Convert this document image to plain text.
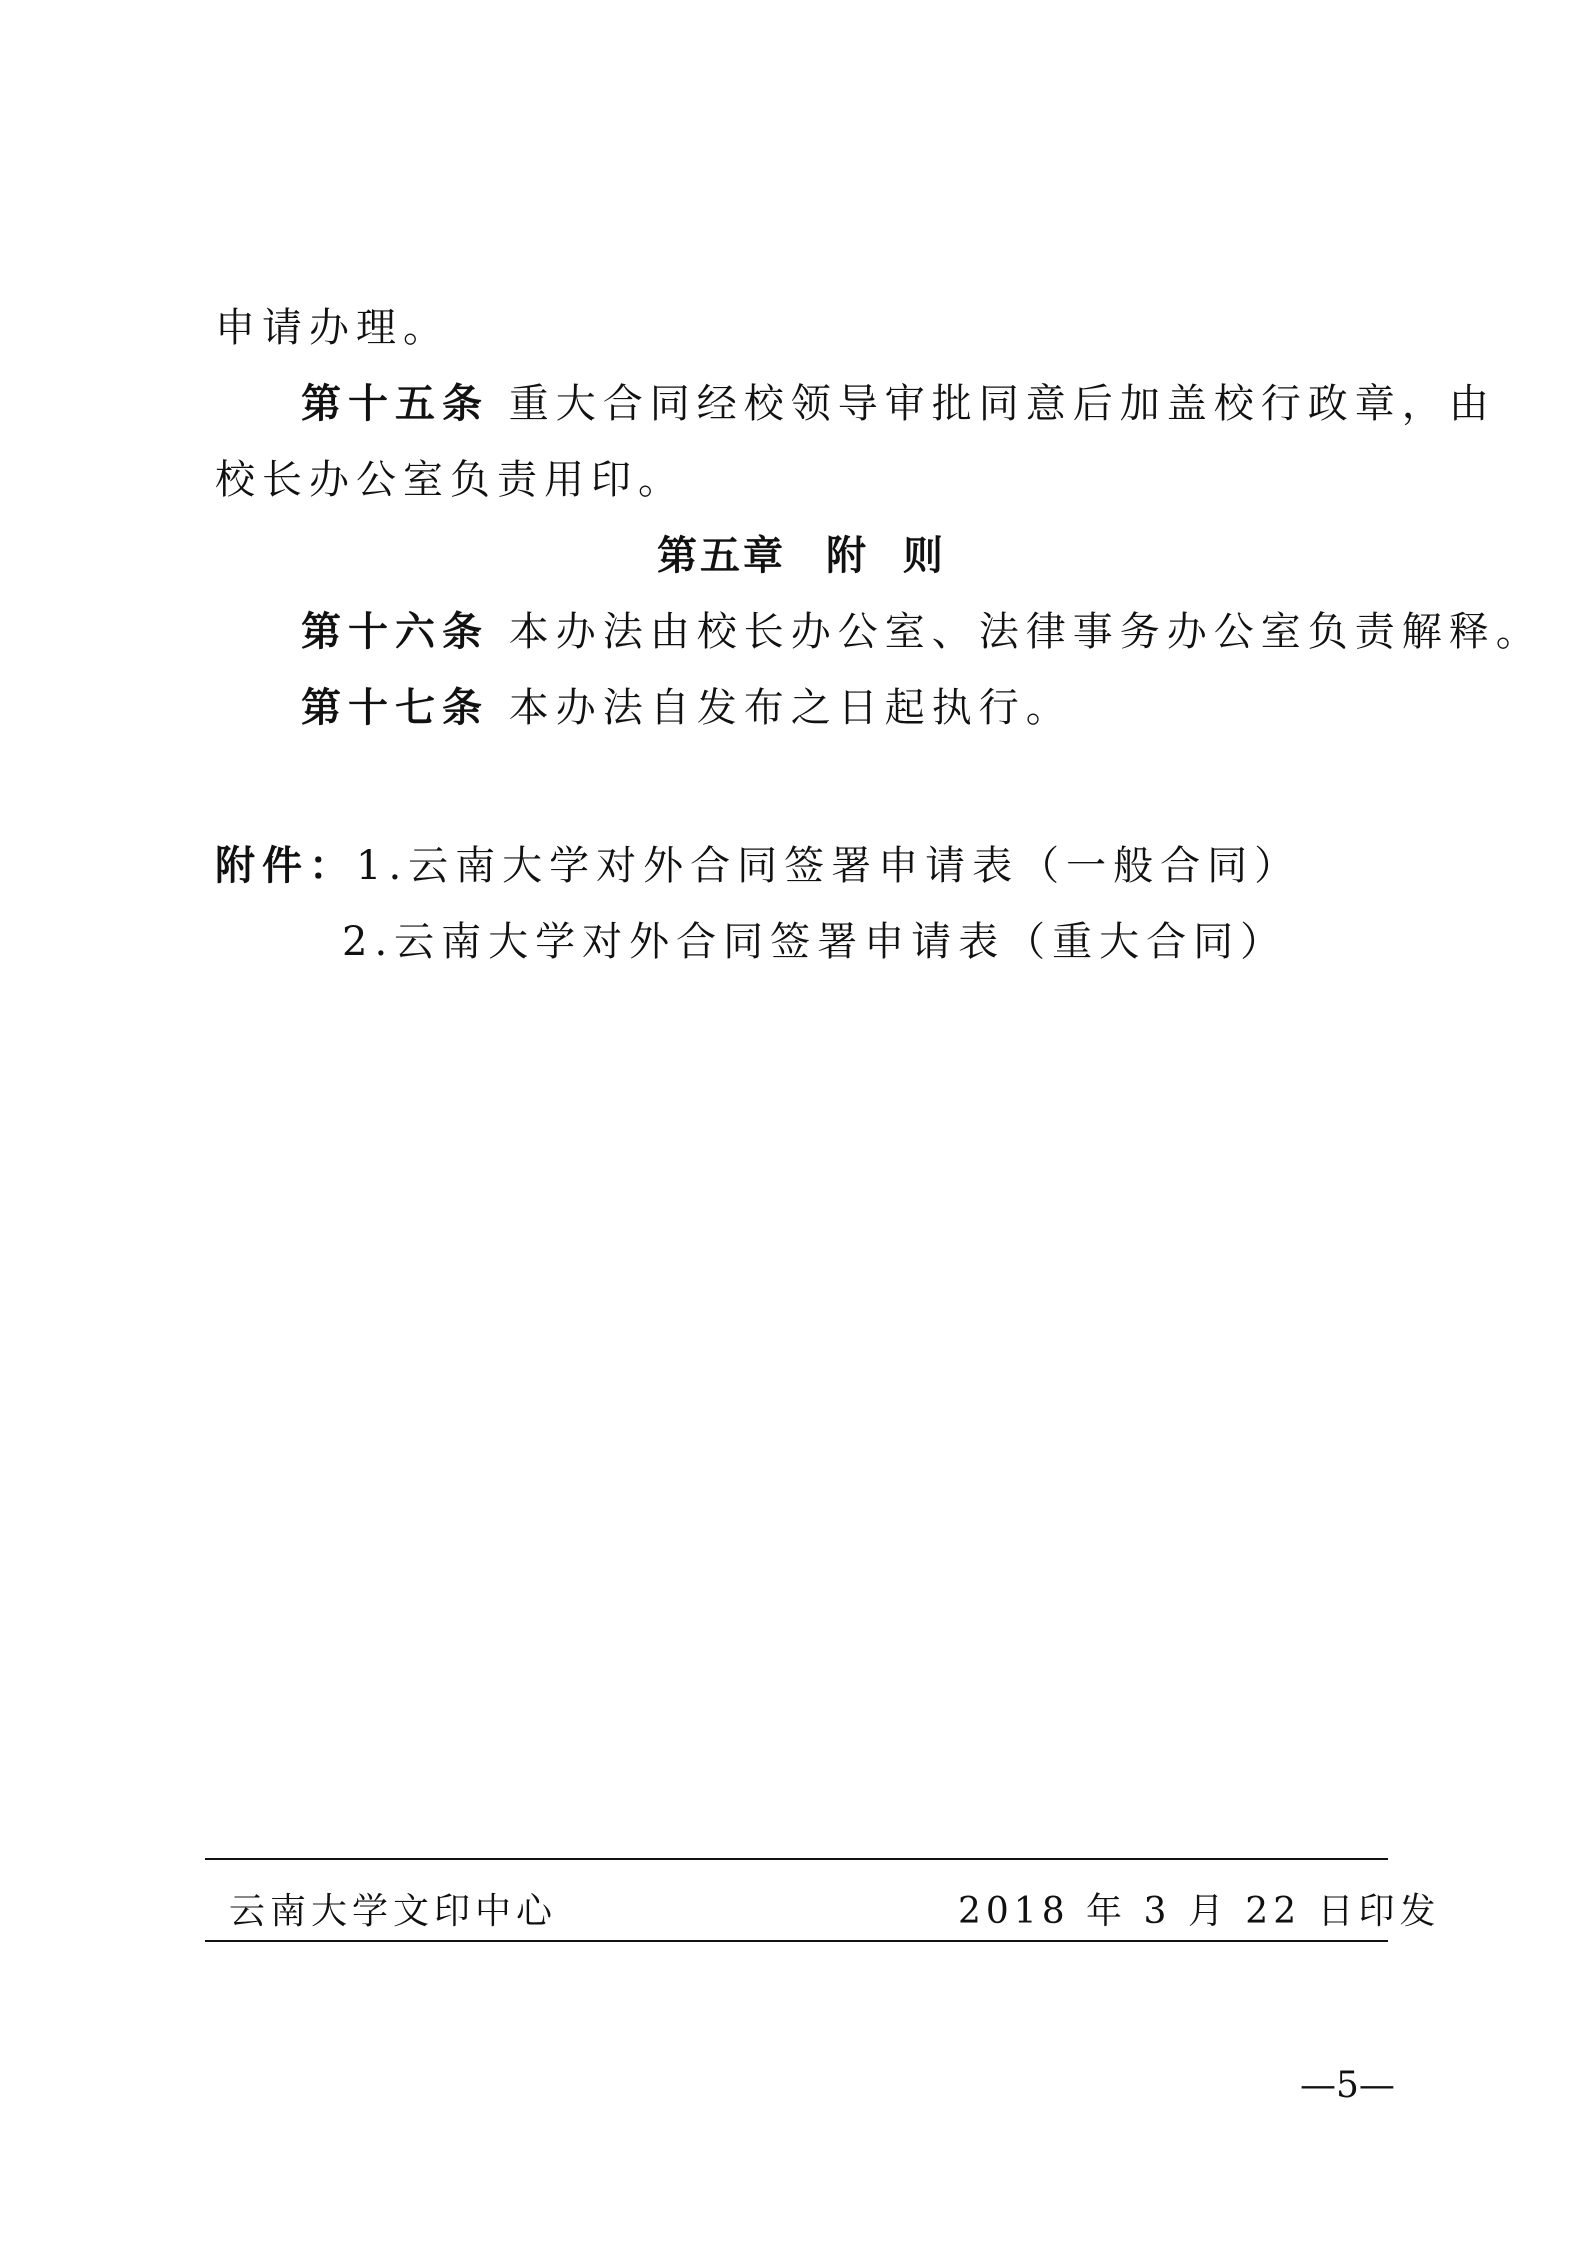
申请办理。
第十五条 重大合同经校领导审批同意后加盖校行政章，由
校长办公室负责用印。
第五章 附  则
第十六条 本办法由校长办公室、法律事务办公室负责解释。
第十七条 本办法自发布之日起执行。
附件：1.云南大学对外合同签署申请表（一般合同）
2.云南大学对外合同签署申请表（重大合同）
云南大学文印中心	2018 年 3 月 22 日印发
—5—
